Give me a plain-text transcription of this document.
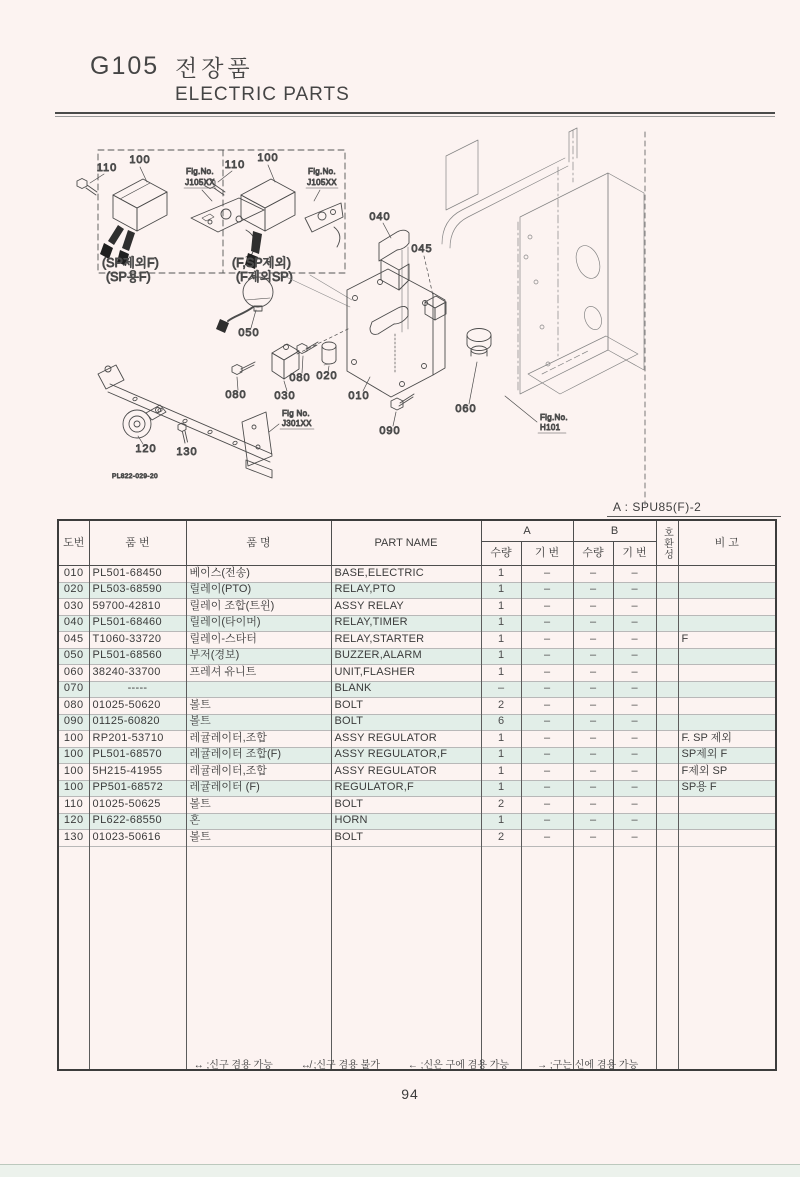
G105 전장품
ELECTRIC PARTS
A : SPU85(F)-2
110
100
Fig.No.
J105XX
(SP제외F)
(SP용F)
110
100
Fig.No.
J105XX
(F,SP제외)
(F제외SP)
010
040
045
050
030
080
080 020
090
060
Fig.No.
H101
120 130
Fig No.
J301XX
PL822-029-20
도번	품 번	품 명	PART NAME	A		B		호환성	비 고
				수량	기 번	수량	기 번		
010	PL501-68450	베이스(전송)	BASE,ELECTRIC	1	–	–	–		
020	PL503-68590	릴레이(PTO)	RELAY,PTO	1	–	–	–		
030	59700-42810	릴레이 조합(트윈)	ASSY RELAY	1	–	–	–		
040	PL501-68460	릴레이(타이머)	RELAY,TIMER	1	–	–	–		
045	T1060-33720	릴레이-스타터	RELAY,STARTER	1	–	–	–		F
050	PL501-68560	부저(경보)	BUZZER,ALARM	1	–	–	–		
060	38240-33700	프레셔 유니트	UNIT,FLASHER	1	–	–	–		
070	-----		BLANK	–	–	–	–		
080	01025-50620	볼트	BOLT	2	–	–	–		
090	01125-60820	볼트	BOLT	6	–	–	–		
100	RP201-53710	레귤레이터,조합	ASSY REGULATOR	1	–	–	–		F. SP 제외
100	PL501-68570	레귤레이터 조합(F)	ASSY REGULATOR,F	1	–	–	–		SP제외 F
100	5H215-41955	레귤레이터,조합	ASSY REGULATOR	1	–	–	–		F제외 SP
100	PP501-68572	레귤레이터 (F)	REGULATOR,F	1	–	–	–		SP용 F
110	01025-50625	볼트	BOLT	2	–	–	–		
120	PL622-68550	혼	HORN	1	–	–	–		
130	01023-50616	볼트	BOLT	2	–	–	–		

↔ ;신구 겸용 가능	↮ ;신구 겸용 불가	← ;신은 구에 겸용 가능	→ ;구는 신에 겸용 가능
94
